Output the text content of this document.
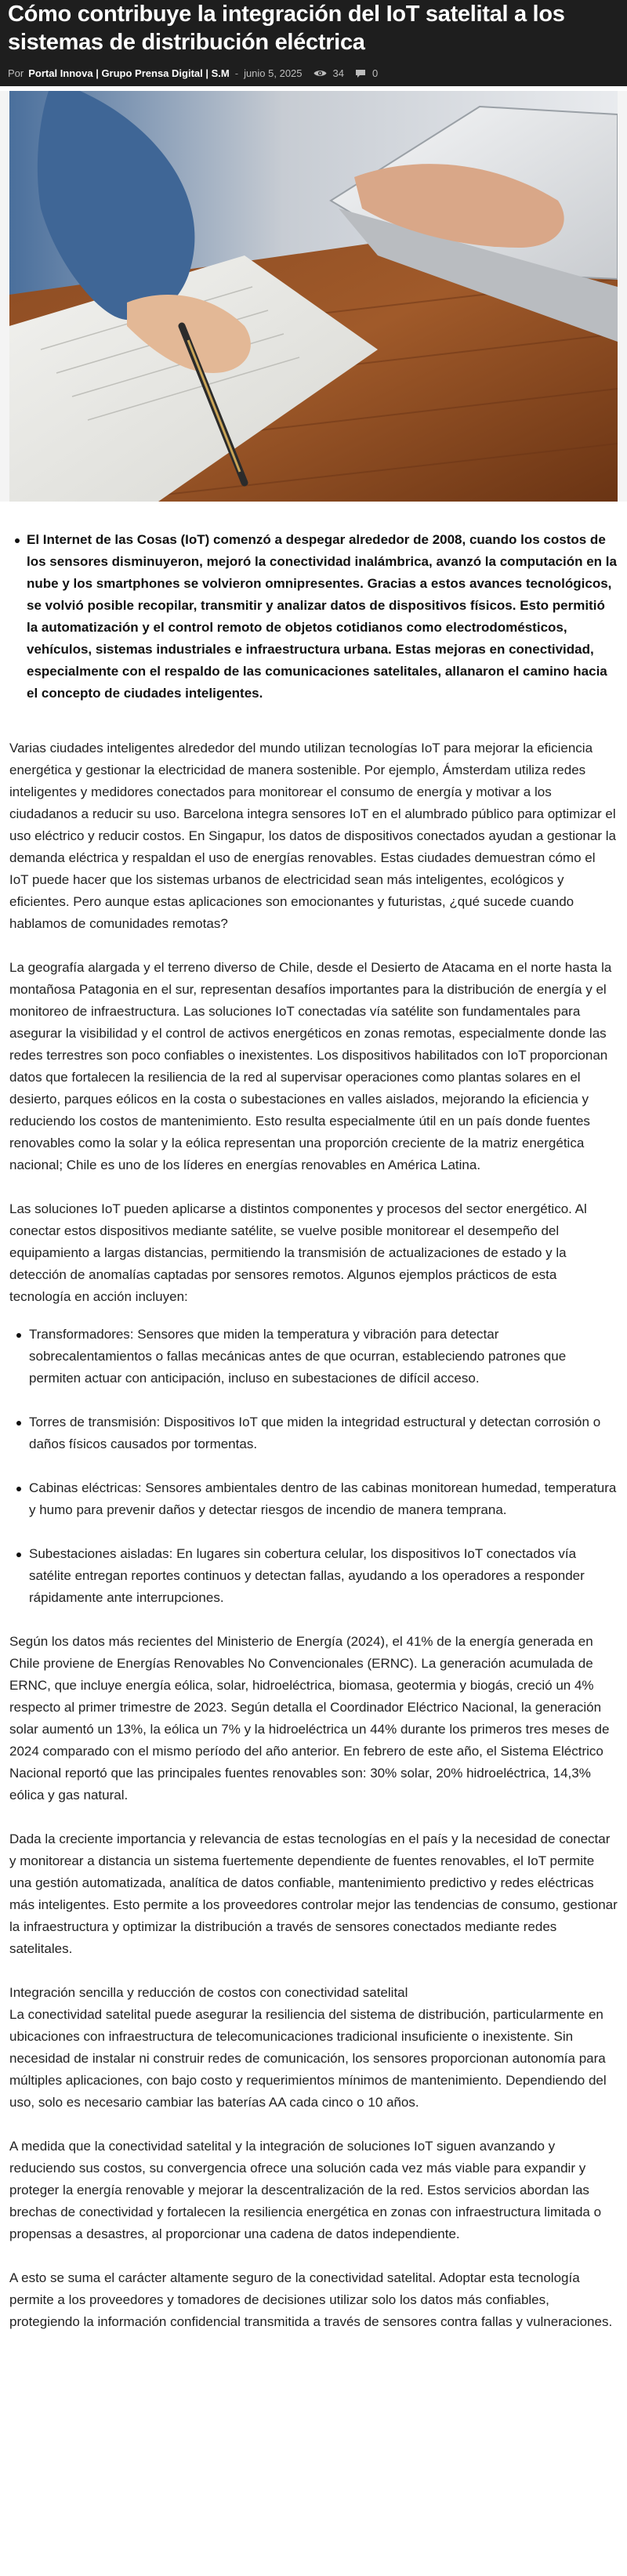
Cómo contribuye la integración del IoT satelital a los sistemas de distribución eléctrica
Por Portal Innova | Grupo Prensa Digital | S.M - junio 5, 2025	34	0

El Internet de las Cosas (IoT) comenzó a despegar alrededor de 2008, cuando los costos de los sensores disminuyeron, mejoró la conectividad inalámbrica, avanzó la computación en la nube y los smartphones se volvieron omnipresentes. Gracias a estos avances tecnológicos, se volvió posible recopilar, transmitir y analizar datos de dispositivos físicos. Esto permitió la automatización y el control remoto de objetos cotidianos como electrodomésticos, vehículos, sistemas industriales e infraestructura urbana. Estas mejoras en conectividad, especialmente con el respaldo de las comunicaciones satelitales, allanaron el camino hacia el concepto de ciudades inteligentes.

Varias ciudades inteligentes alrededor del mundo utilizan tecnologías IoT para mejorar la eficiencia energética y gestionar la electricidad de manera sostenible. Por ejemplo, Ámsterdam utiliza redes inteligentes y medidores conectados para monitorear el consumo de energía y motivar a los ciudadanos a reducir su uso. Barcelona integra sensores IoT en el alumbrado público para optimizar el uso eléctrico y reducir costos. En Singapur, los datos de dispositivos conectados ayudan a gestionar la demanda eléctrica y respaldan el uso de energías renovables. Estas ciudades demuestran cómo el IoT puede hacer que los sistemas urbanos de electricidad sean más inteligentes, ecológicos y eficientes. Pero aunque estas aplicaciones son emocionantes y futuristas, ¿qué sucede cuando hablamos de comunidades remotas?

La geografía alargada y el terreno diverso de Chile, desde el Desierto de Atacama en el norte hasta la montañosa Patagonia en el sur, representan desafíos importantes para la distribución de energía y el monitoreo de infraestructura. Las soluciones IoT conectadas vía satélite son fundamentales para asegurar la visibilidad y el control de activos energéticos en zonas remotas, especialmente donde las redes terrestres son poco confiables o inexistentes. Los dispositivos habilitados con IoT proporcionan datos que fortalecen la resiliencia de la red al supervisar operaciones como plantas solares en el desierto, parques eólicos en la costa o subestaciones en valles aislados, mejorando la eficiencia y reduciendo los costos de mantenimiento. Esto resulta especialmente útil en un país donde fuentes renovables como la solar y la eólica representan una proporción creciente de la matriz energética nacional; Chile es uno de los líderes en energías renovables en América Latina.

Las soluciones IoT pueden aplicarse a distintos componentes y procesos del sector energético. Al conectar estos dispositivos mediante satélite, se vuelve posible monitorear el desempeño del equipamiento a largas distancias, permitiendo la transmisión de actualizaciones de estado y la detección de anomalías captadas por sensores remotos. Algunos ejemplos prácticos de esta tecnología en acción incluyen:

Transformadores: Sensores que miden la temperatura y vibración para detectar sobrecalentamientos o fallas mecánicas antes de que ocurran, estableciendo patrones que permiten actuar con anticipación, incluso en subestaciones de difícil acceso.
Torres de transmisión: Dispositivos IoT que miden la integridad estructural y detectan corrosión o daños físicos causados por tormentas.
Cabinas eléctricas: Sensores ambientales dentro de las cabinas monitorean humedad, temperatura y humo para prevenir daños y detectar riesgos de incendio de manera temprana.
Subestaciones aisladas: En lugares sin cobertura celular, los dispositivos IoT conectados vía satélite entregan reportes continuos y detectan fallas, ayudando a los operadores a responder rápidamente ante interrupciones.

Según los datos más recientes del Ministerio de Energía (2024), el 41% de la energía generada en Chile proviene de Energías Renovables No Convencionales (ERNC). La generación acumulada de ERNC, que incluye energía eólica, solar, hidroeléctrica, biomasa, geotermia y biogás, creció un 4% respecto al primer trimestre de 2023. Según detalla el Coordinador Eléctrico Nacional, la generación solar aumentó un 13%, la eólica un 7% y la hidroeléctrica un 44% durante los primeros tres meses de 2024 comparado con el mismo período del año anterior. En febrero de este año, el Sistema Eléctrico Nacional reportó que las principales fuentes renovables son: 30% solar, 20% hidroeléctrica, 14,3% eólica y gas natural.

Dada la creciente importancia y relevancia de estas tecnologías en el país y la necesidad de conectar y monitorear a distancia un sistema fuertemente dependiente de fuentes renovables, el IoT permite una gestión automatizada, analítica de datos confiable, mantenimiento predictivo y redes eléctricas más inteligentes. Esto permite a los proveedores controlar mejor las tendencias de consumo, gestionar la infraestructura y optimizar la distribución a través de sensores conectados mediante redes satelitales.

Integración sencilla y reducción de costos con conectividad satelital

La conectividad satelital puede asegurar la resiliencia del sistema de distribución, particularmente en ubicaciones con infraestructura de telecomunicaciones tradicional insuficiente o inexistente. Sin necesidad de instalar ni construir redes de comunicación, los sensores proporcionan autonomía para múltiples aplicaciones, con bajo costo y requerimientos mínimos de mantenimiento. Dependiendo del uso, solo es necesario cambiar las baterías AA cada cinco o 10 años.

A medida que la conectividad satelital y la integración de soluciones IoT siguen avanzando y reduciendo sus costos, su convergencia ofrece una solución cada vez más viable para expandir y proteger la energía renovable y mejorar la descentralización de la red. Estos servicios abordan las brechas de conectividad y fortalecen la resiliencia energética en zonas con infraestructura limitada o propensas a desastres, al proporcionar una cadena de datos independiente.

A esto se suma el carácter altamente seguro de la conectividad satelital. Adoptar esta tecnología permite a los proveedores y tomadores de decisiones utilizar solo los datos más confiables, protegiendo la información confidencial transmitida a través de sensores contra fallas y vulneraciones.
